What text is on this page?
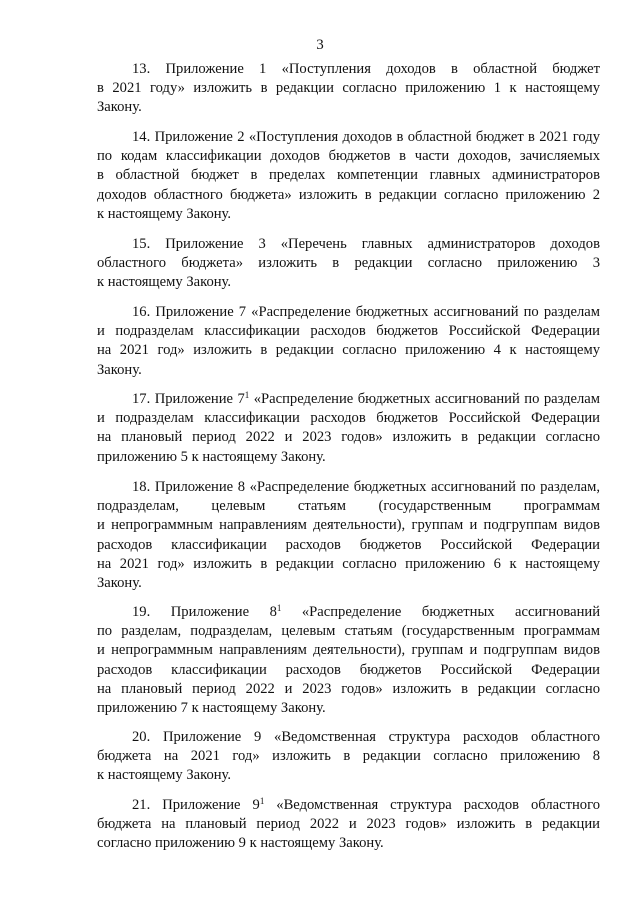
3
13. Приложение 1 «Поступления доходов в областной бюджет
в 2021 году» изложить в редакции согласно приложению 1 к настоящему
Закону.
14. Приложение 2 «Поступления доходов в областной бюджет в 2021 году
по кодам классификации доходов бюджетов в части доходов, зачисляемых
в областной бюджет в пределах компетенции главных администраторов
доходов областного бюджета» изложить в редакции согласно приложению 2
к настоящему Закону.
15. Приложение 3 «Перечень главных администраторов доходов
областного бюджета» изложить в редакции согласно приложению 3
к настоящему Закону.
16. Приложение 7 «Распределение бюджетных ассигнований по разделам
и подразделам классификации расходов бюджетов Российской Федерации
на 2021 год» изложить в редакции согласно приложению 4 к настоящему
Закону.
17. Приложение $7^1$ «Распределение бюджетных ассигнований по разделам
и подразделам классификации расходов бюджетов Российской Федерации
на плановый период 2022 и 2023 годов» изложить в редакции согласно
приложению 5 к настоящему Закону.
18. Приложение 8 «Распределение бюджетных ассигнований по разделам,
подразделам, целевым статьям (государственным программам
и непрограммным направлениям деятельности), группам и подгруппам видов
расходов классификации расходов бюджетов Российской Федерации
на 2021 год» изложить в редакции согласно приложению 6 к настоящему
Закону.
19. Приложение $8^1$ «Распределение бюджетных ассигнований
по разделам, подразделам, целевым статьям (государственным программам
и непрограммным направлениям деятельности), группам и подгруппам видов
расходов классификации расходов бюджетов Российской Федерации
на плановый период 2022 и 2023 годов» изложить в редакции согласно
приложению 7 к настоящему Закону.
20. Приложение 9 «Ведомственная структура расходов областного
бюджета на 2021 год» изложить в редакции согласно приложению 8
к настоящему Закону.
21. Приложение $9^1$ «Ведомственная структура расходов областного
бюджета на плановый период 2022 и 2023 годов» изложить в редакции
согласно приложению 9 к настоящему Закону.
